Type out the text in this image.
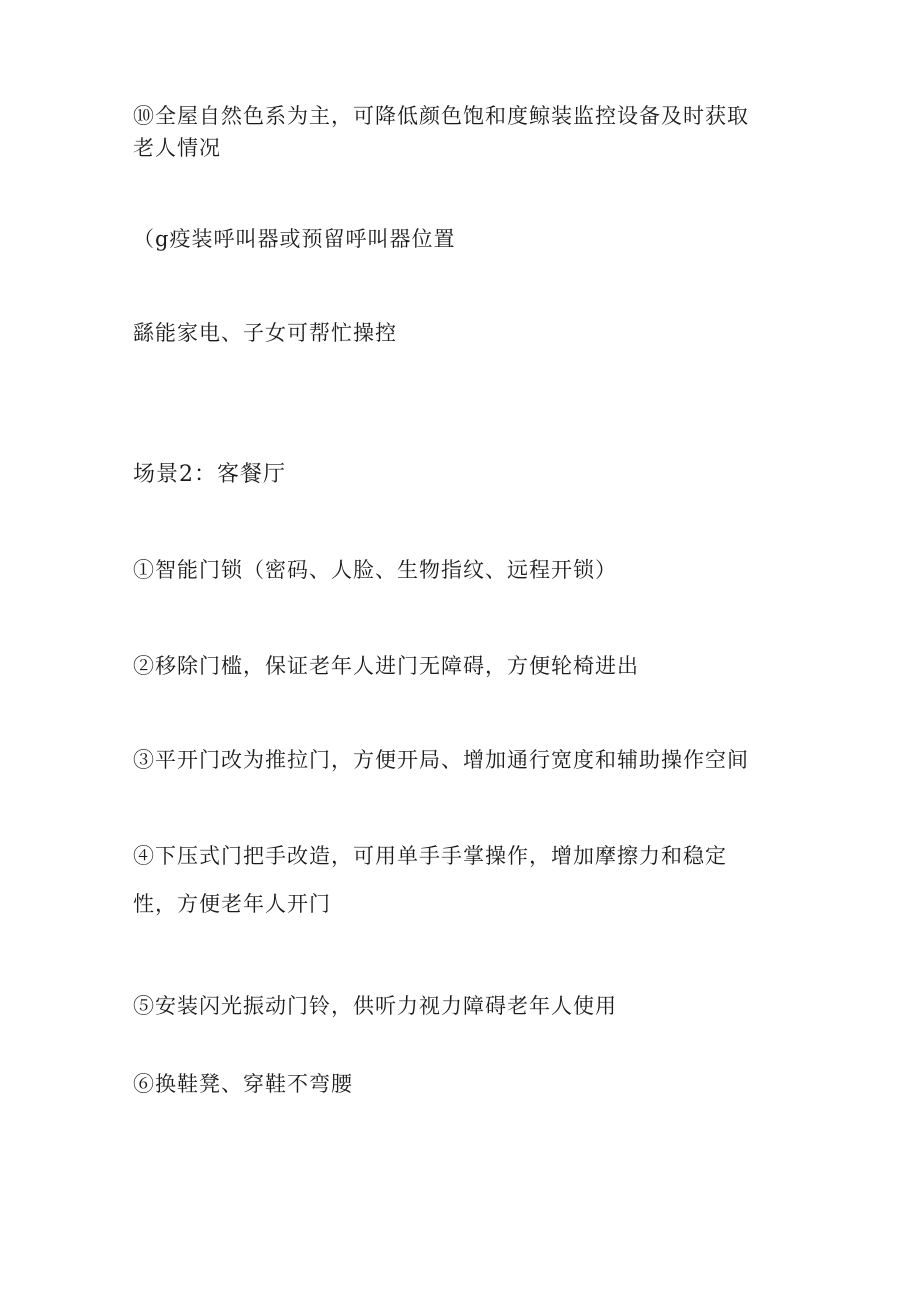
⑩全屋自然色系为主，可降低颜色饱和度鲸装监控设备及时获取
老人情况
（g疫装呼叫器或预留呼叫器位置
繇能家电、子女可帮忙操控
场景2：客餐厅
①智能门锁（密码、人脸、生物指纹、远程开锁）
②移除门槛，保证老年人进门无障碍，方便轮椅进出
③平开门改为推拉门，方便开局、增加通行宽度和辅助操作空间
④下压式门把手改造，可用单手手掌操作，增加摩擦力和稳定
性，方便老年人开门
⑤安装闪光振动门铃，供听力视力障碍老年人使用
⑥换鞋凳、穿鞋不弯腰
